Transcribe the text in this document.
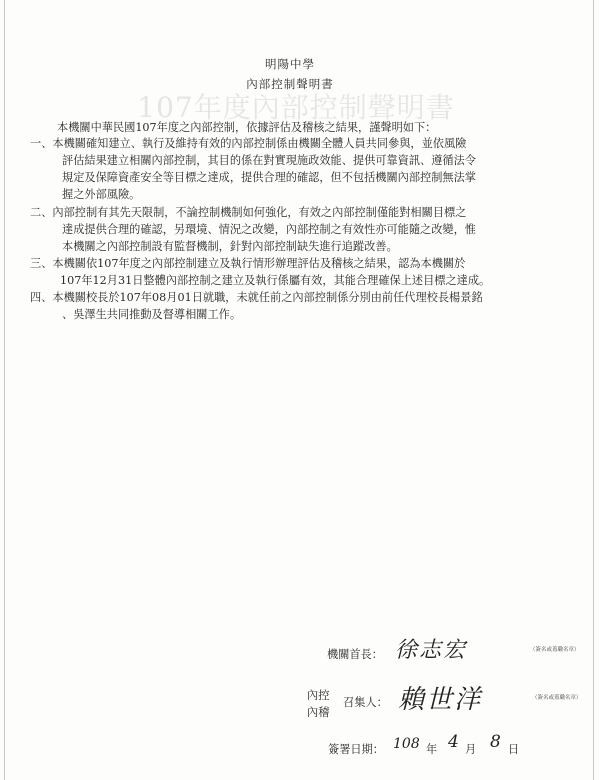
明陽中學
107年度內部控制聲明書
內部控制聲明書
本機關中華民國107年度之內部控制，依據評估及稽核之結果，謹聲明如下：
一、本機關確知建立、執行及維持有效的內部控制係由機關全體人員共同參與，並依風險
評估結果建立相關內部控制，其目的係在對實現施政效能、提供可靠資訊、遵循法令
規定及保障資產安全等目標之達成，提供合理的確認，但不包括機關內部控制無法掌
握之外部風險。
二、內部控制有其先天限制，不論控制機制如何強化，有效之內部控制僅能對相關目標之
達成提供合理的確認，另環境、情況之改變，內部控制之有效性亦可能隨之改變，惟
本機關之內部控制設有監督機制，針對內部控制缺失進行追蹤改善。
三、本機關依107年度之內部控制建立及執行情形辦理評估及稽核之結果，認為本機關於
107年12月31日整體內部控制之建立及執行係屬有效，其能合理確保上述目標之達成。
四、本機關校長於107年08月01日就職，未就任前之內部控制係分別由前任代理校長楊景銘
、吳澤生共同推動及督導相關工作。
機關首長： 徐志宏	（簽名或蓋職名章）
內控
內稽
召集人： 賴世洋	（簽名或蓋職名章）
簽署日期： 108 年 4 月 8 日
